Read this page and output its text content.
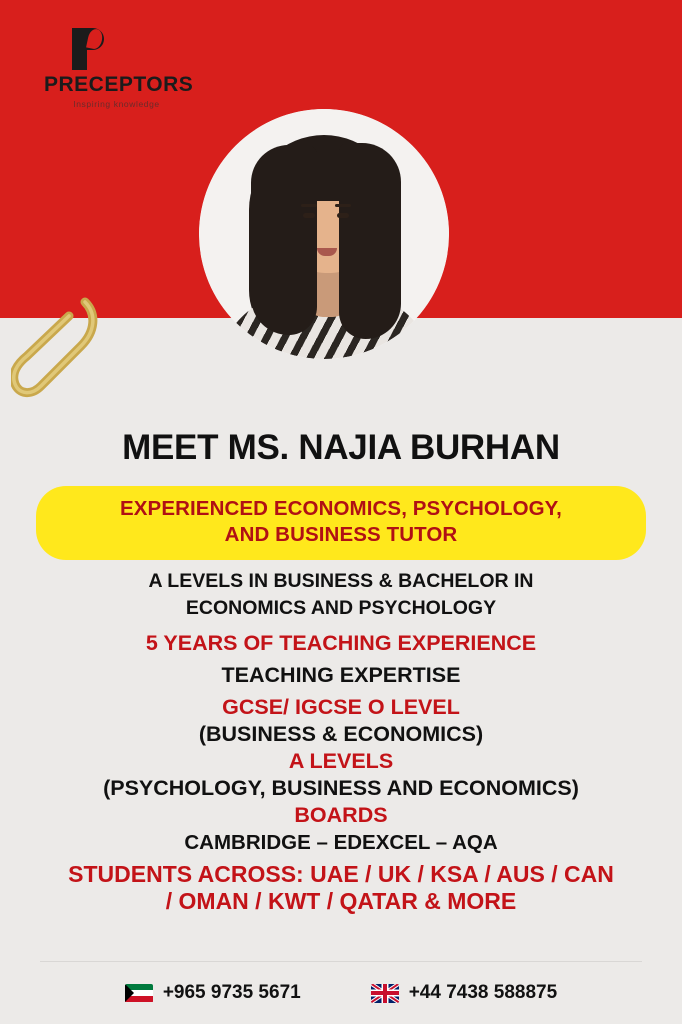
PRECEPTORS
Inspiring knowledge
MEET MS. NAJIA BURHAN
EXPERIENCED ECONOMICS, PSYCHOLOGY,
AND BUSINESS TUTOR
A LEVELS IN BUSINESS & BACHELOR IN
ECONOMICS AND PSYCHOLOGY
5 YEARS OF TEACHING EXPERIENCE
TEACHING EXPERTISE
GCSE/ IGCSE O LEVEL
(BUSINESS & ECONOMICS)
A LEVELS
(PSYCHOLOGY, BUSINESS AND ECONOMICS)
BOARDS
CAMBRIDGE – EDEXCEL – AQA
STUDENTS ACROSS: UAE / UK / KSA / AUS / CAN
/ OMAN / KWT / QATAR & MORE
+965 9735 5671	+44 7438 588875
